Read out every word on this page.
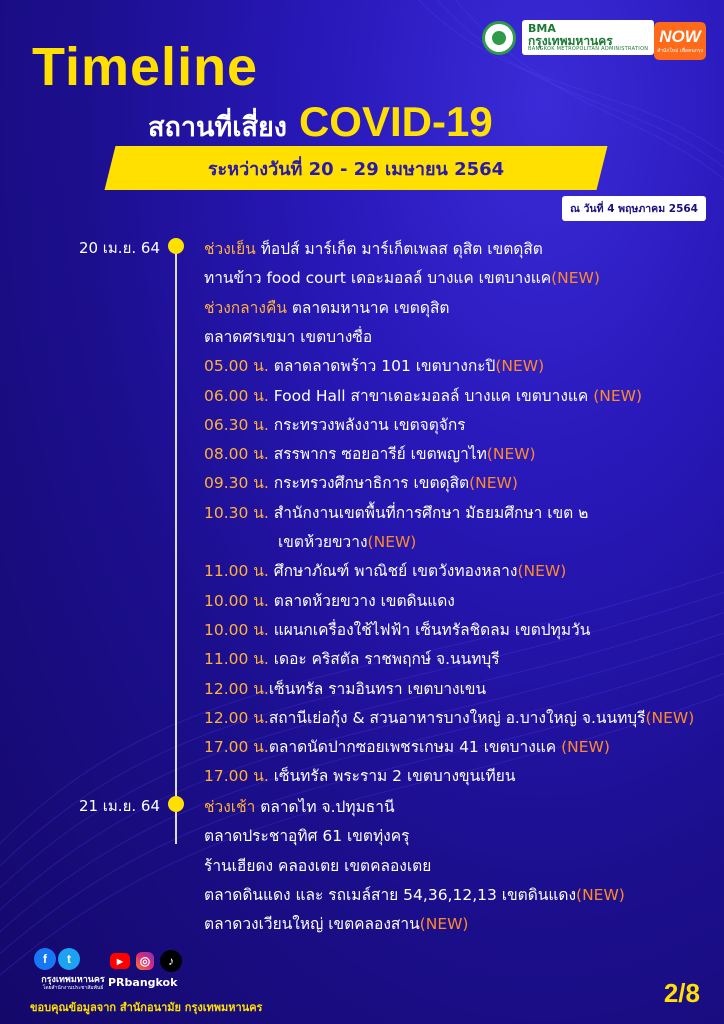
Timeline
สถานที่เสี่ยง COVID-19
ระหว่างวันที่ 20 - 29 เมษายน 2564
ณ วันที่ 4 พฤษภาคม 2564
BMA
กรุงเทพมหานคร
BANGKOK METROPOLITAN ADMINISTRATION
NOW
สำนักใหม่ เพื่อคนกรุง
20 เม.ย. 64	ช่วงเย็น ท็อปส์ มาร์เก็ต มาร์เก็ตเพลส ดุสิต เขตดุสิต
ทานข้าว food court เดอะมอลล์ บางแค เขตบางแค(NEW)
ช่วงกลางคืน ตลาดมหานาค เขตดุสิต
ตลาดศรเขมา เขตบางซื่อ
05.00 น. ตลาดลาดพร้าว 101 เขตบางกะปิ(NEW)
06.00 น. Food Hall สาขาเดอะมอลล์ บางแค เขตบางแค (NEW)
06.30 น. กระทรวงพลังงาน เขตจตุจักร
08.00 น. สรรพากร ซอยอารีย์ เขตพญาไท(NEW)
09.30 น. กระทรวงศึกษาธิการ เขตดุสิต(NEW)
10.30 น. สำนักงานเขตพื้นที่การศึกษา มัธยมศึกษา เขต ๒
เขตห้วยขวาง(NEW)
11.00 น. ศึกษาภัณฑ์ พาณิชย์ เขตวังทองหลาง(NEW)
10.00 น. ตลาดห้วยขวาง เขตดินแดง
10.00 น. แผนกเครื่องใช้ไฟฟ้า เซ็นทรัลชิดลม เขตปทุมวัน
11.00 น. เดอะ คริสตัล ราชพฤกษ์ จ.นนทบุรี
12.00 น.เซ็นทรัล รามอินทรา เขตบางเขน
12.00 น.สถานีเย่อกุ้ง & สวนอาหารบางใหญ่ อ.บางใหญ่ จ.นนทบุรี(NEW)
17.00 น.ตลาดนัดปากซอยเพชรเกษม 41 เขตบางแค (NEW)
17.00 น. เซ็นทรัล พระราม 2 เขตบางขุนเทียน
21 เม.ย. 64	ช่วงเช้า ตลาดไท จ.ปทุมธานี
ตลาดประชาอุทิศ 61 เขตทุ่งครุ
ร้านเฮียตง คลองเตย เขตคลองเตย
ตลาดดินแดง และ รถเมล์สาย 54,36,12,13 เขตดินแดง(NEW)
ตลาดวงเวียนใหญ่ เขตคลองสาน(NEW)
f	t
กรุงเทพมหานคร
โดยสำนักงานประชาสัมพันธ์
▶	◎	♪
PRbangkok
ขอบคุณข้อมูลจาก สำนักอนามัย กรุงเทพมหานคร	2/8
